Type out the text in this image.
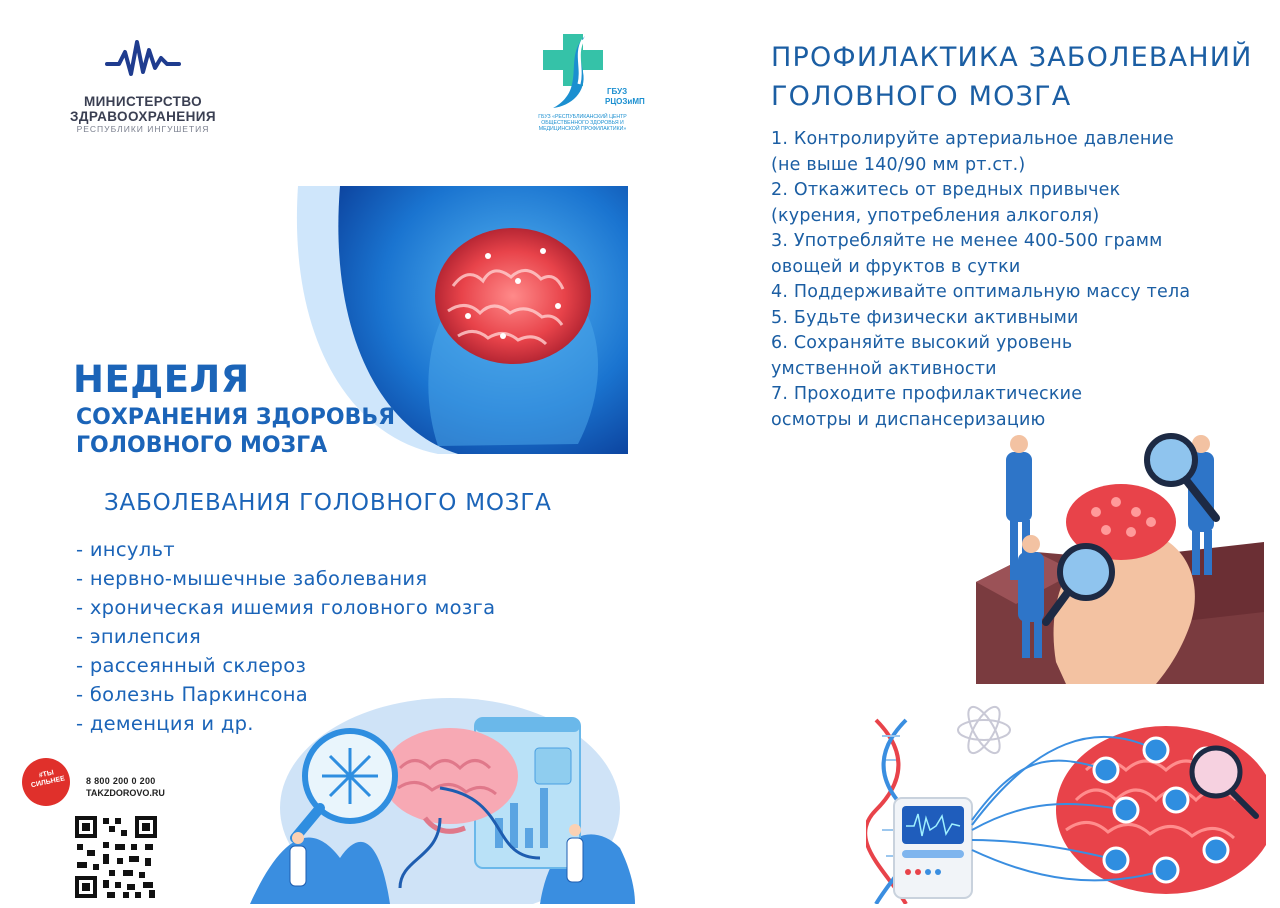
МИНИСТЕРСТВО
ЗДРАВООХРАНЕНИЯ
РЕСПУБЛИКИ ИНГУШЕТИЯ
ГБУЗ
РЦОЗиМП
ГБУЗ «РЕСПУБЛИКАНСКИЙ ЦЕНТР ОБЩЕСТВЕННОГО ЗДОРОВЬЯ И МЕДИЦИНСКОЙ ПРОФИЛАКТИКИ»
НЕДЕЛЯ
СОХРАНЕНИЯ ЗДОРОВЬЯ
ГОЛОВНОГО МОЗГА
ЗАБОЛЕВАНИЯ ГОЛОВНОГО МОЗГА
- инсульт
- нервно-мышечные заболевания
- хроническая ишемия головного мозга
- эпилепсия
- рассеянный склероз
- болезнь Паркинсона
- деменция и др.
#ТЫ СИЛЬНЕЕ	8 800 200 0 200
TAKZDOROVO.RU
ПРОФИЛАКТИКА ЗАБОЛЕВАНИЙ
ГОЛОВНОГО МОЗГА
1. Контролируйте артериальное давление
(не выше 140/90 мм рт.ст.)
2. Откажитесь от вредных привычек
(курения, употребления алкоголя)
3. Употребляйте не менее 400-500 грамм
овощей и фруктов в сутки
4. Поддерживайте оптимальную массу тела
5. Будьте физически активными
6. Сохраняйте высокий уровень
умственной активности
7. Проходите профилактические
осмотры и диспансеризацию
